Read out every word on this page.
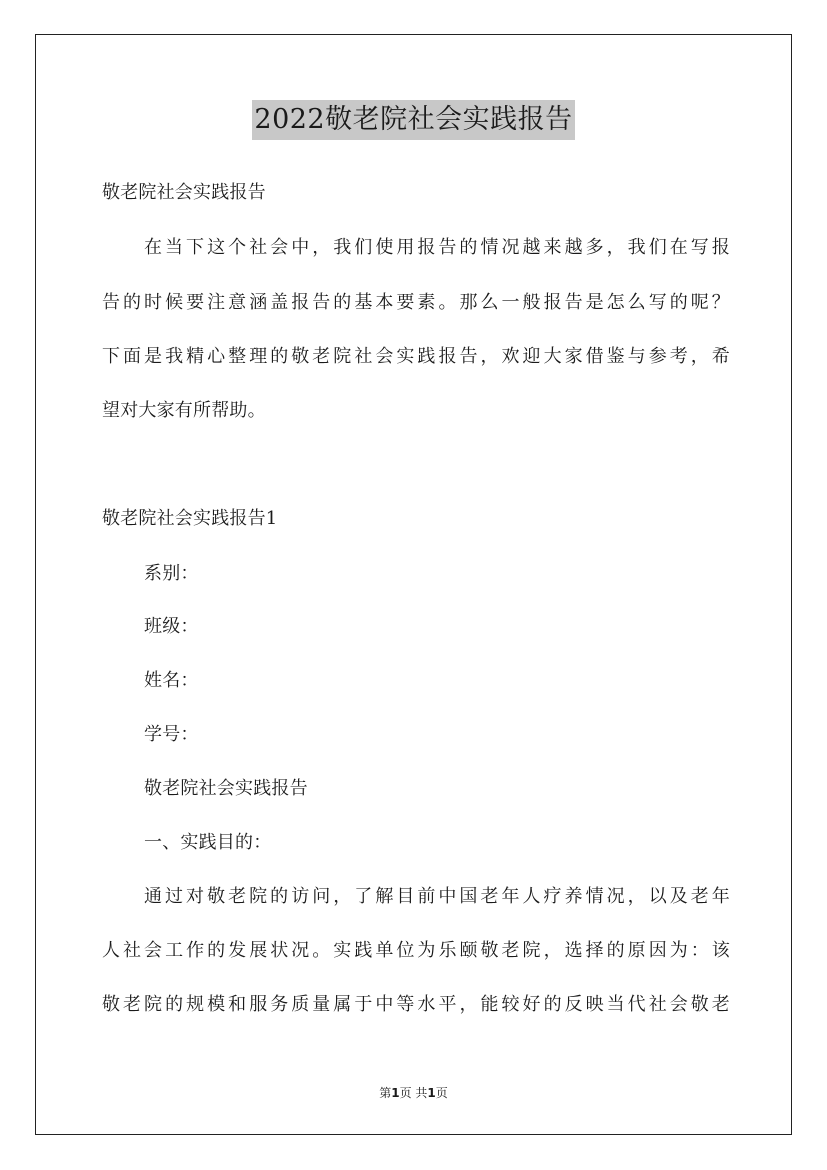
2022敬老院社会实践报告
敬老院社会实践报告
在当下这个社会中，我们使用报告的情况越来越多，我们在写报
告的时候要注意涵盖报告的基本要素。那么一般报告是怎么写的呢？
下面是我精心整理的敬老院社会实践报告，欢迎大家借鉴与参考，希
望对大家有所帮助。
敬老院社会实践报告1
系别：
班级：
姓名：
学号：
敬老院社会实践报告
一、实践目的：
通过对敬老院的访问，了解目前中国老年人疗养情况，以及老年
人社会工作的发展状况。实践单位为乐颐敬老院，选择的原因为：该
敬老院的规模和服务质量属于中等水平，能较好的反映当代社会敬老
第1页 共1页
